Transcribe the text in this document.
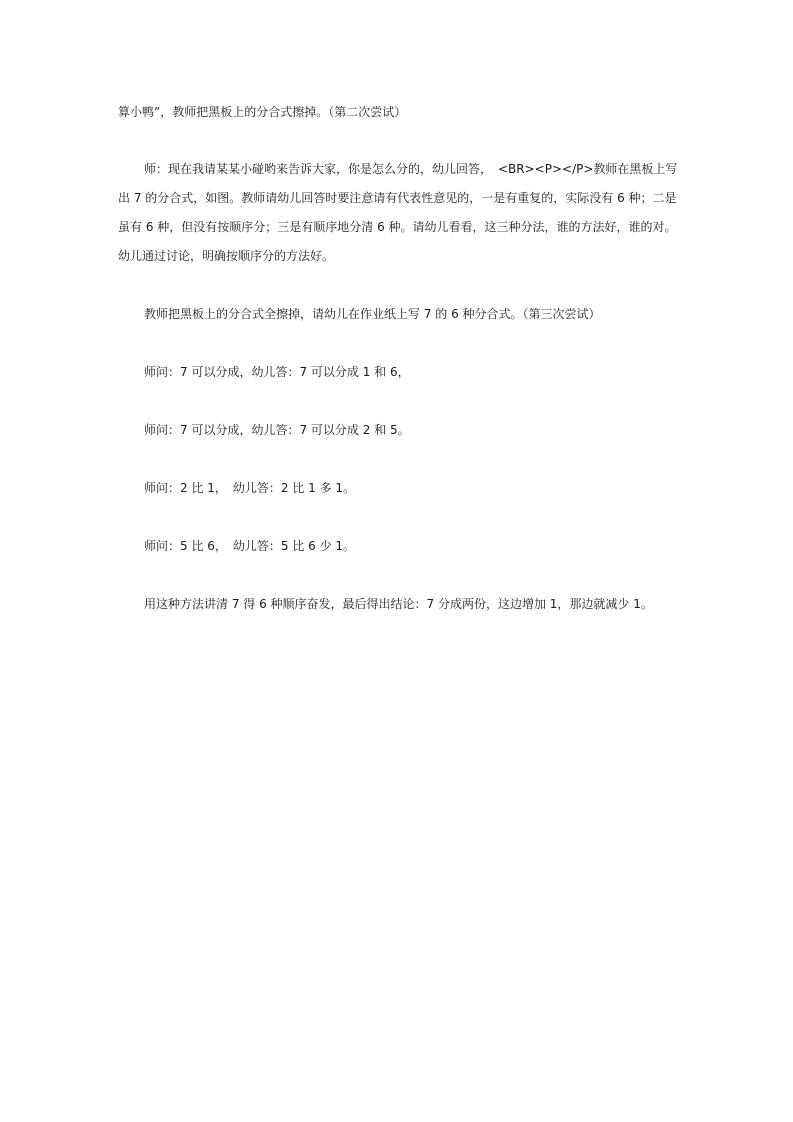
算小鸭”，教师把黑板上的分合式擦掉。（第二次尝试）

师：现在我请某某小碰哟来告诉大家，你是怎么分的，幼儿回答，　<BR><P></P>教师在黑板上写出 7 的分合式，如图。教师请幼儿回答时要注意请有代表性意见的，一是有重复的，实际没有 6 种；二是虽有 6 种，但没有按顺序分；三是有顺序地分清 6 种。请幼儿看看，这三种分法，谁的方法好，谁的对。幼儿通过讨论，明确按顺序分的方法好。

教师把黑板上的分合式全擦掉，请幼儿在作业纸上写 7 的 6 种分合式。（第三次尝试）

师问：7 可以分成，幼儿答：7 可以分成 1 和 6，

师问：7 可以分成，幼儿答：7 可以分成 2 和 5。

师问：2 比 1，　幼儿答：2 比 1 多 1。

师问：5 比 6，　幼儿答：5 比 6 少 1。

用这种方法讲清 7 得 6 种顺序奋发，最后得出结论：7 分成两份，这边增加 1，那边就减少 1。
